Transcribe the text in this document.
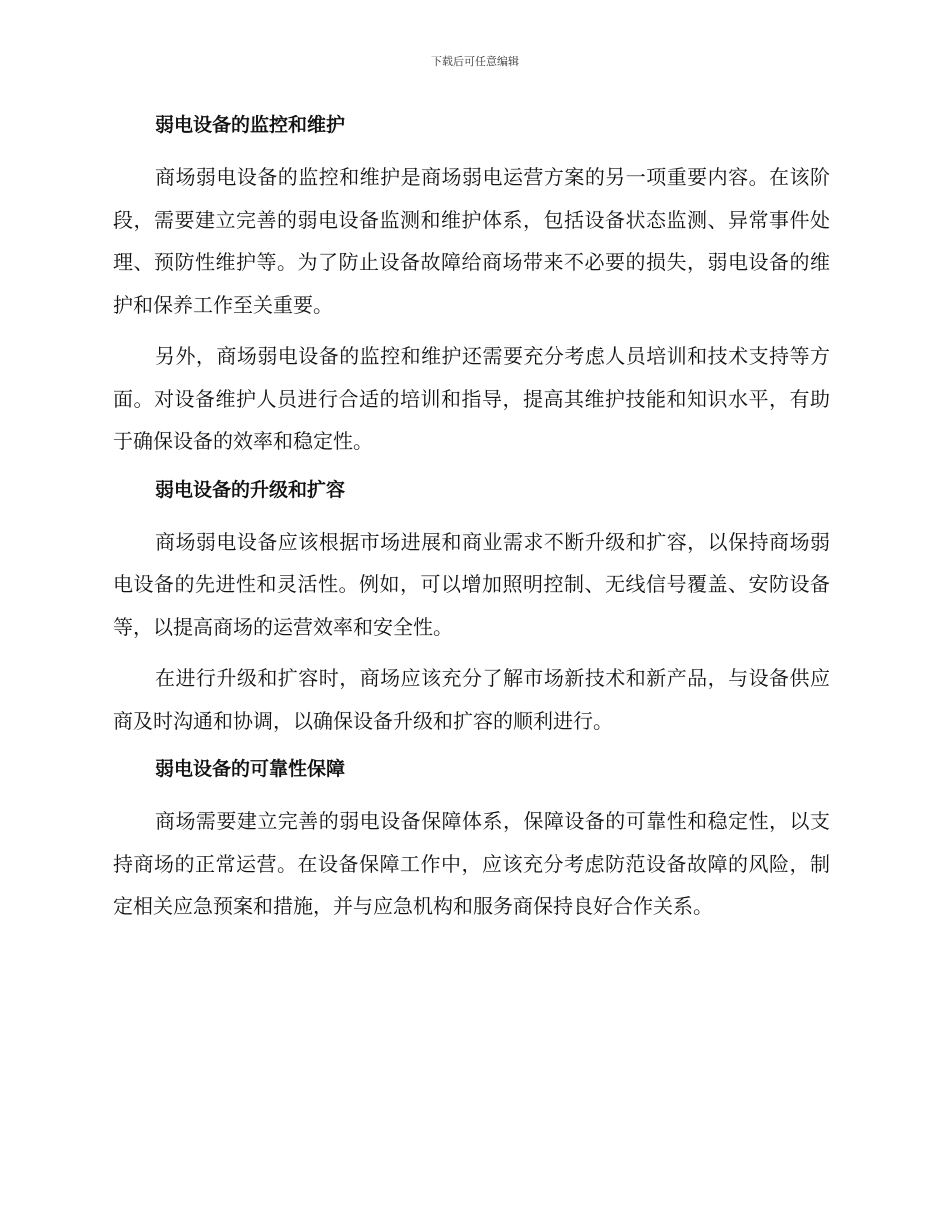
下载后可任意编辑
弱电设备的监控和维护

商场弱电设备的监控和维护是商场弱电运营方案的另一项重要内容。在该阶段，需要建立完善的弱电设备监测和维护体系，包括设备状态监测、异常事件处理、预防性维护等。为了防止设备故障给商场带来不必要的损失，弱电设备的维护和保养工作至关重要。

另外，商场弱电设备的监控和维护还需要充分考虑人员培训和技术支持等方面。对设备维护人员进行合适的培训和指导，提高其维护技能和知识水平，有助于确保设备的效率和稳定性。

弱电设备的升级和扩容

商场弱电设备应该根据市场进展和商业需求不断升级和扩容，以保持商场弱电设备的先进性和灵活性。例如，可以增加照明控制、无线信号覆盖、安防设备等，以提高商场的运营效率和安全性。

在进行升级和扩容时，商场应该充分了解市场新技术和新产品，与设备供应商及时沟通和协调，以确保设备升级和扩容的顺利进行。

弱电设备的可靠性保障

商场需要建立完善的弱电设备保障体系，保障设备的可靠性和稳定性，以支持商场的正常运营。在设备保障工作中，应该充分考虑防范设备故障的风险，制定相关应急预案和措施，并与应急机构和服务商保持良好合作关系。
